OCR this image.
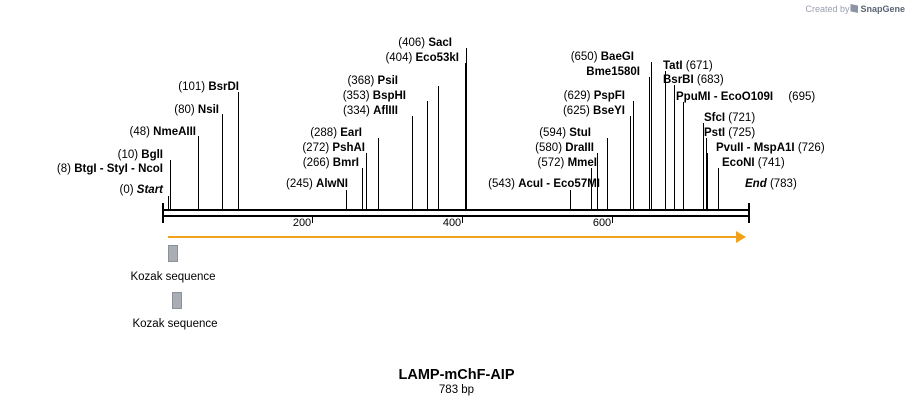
Created by SnapGene
200	400	600
(0) Start	End (783)
(8) BtgI - StyI - NcoI
(10) BglI
(48) NmeAIII
(80) NsiI
(101) BsrDI
(245) AlwNI
(266) BmrI
(272) PshAI
(288) EarI
(334) AflIII
(353) BspHI
(368) PsiI
(404) Eco53kI
(406) SacI
(543) AcuI - Eco57MI
(572) MmeI
(580) DraIII
(594) StuI
(625) BseYI
(629) PspFI
Bme1580I
(650) BaeGI
TatI (671)
BsrBI (683)
PpuMI - EcoO109I (695)
SfcI (721)
PstI (725)
PvuII - MspA1I (726)
EcoNI (741)
Kozak sequence
Kozak sequence
LAMP-mChF-AIP
783 bp
